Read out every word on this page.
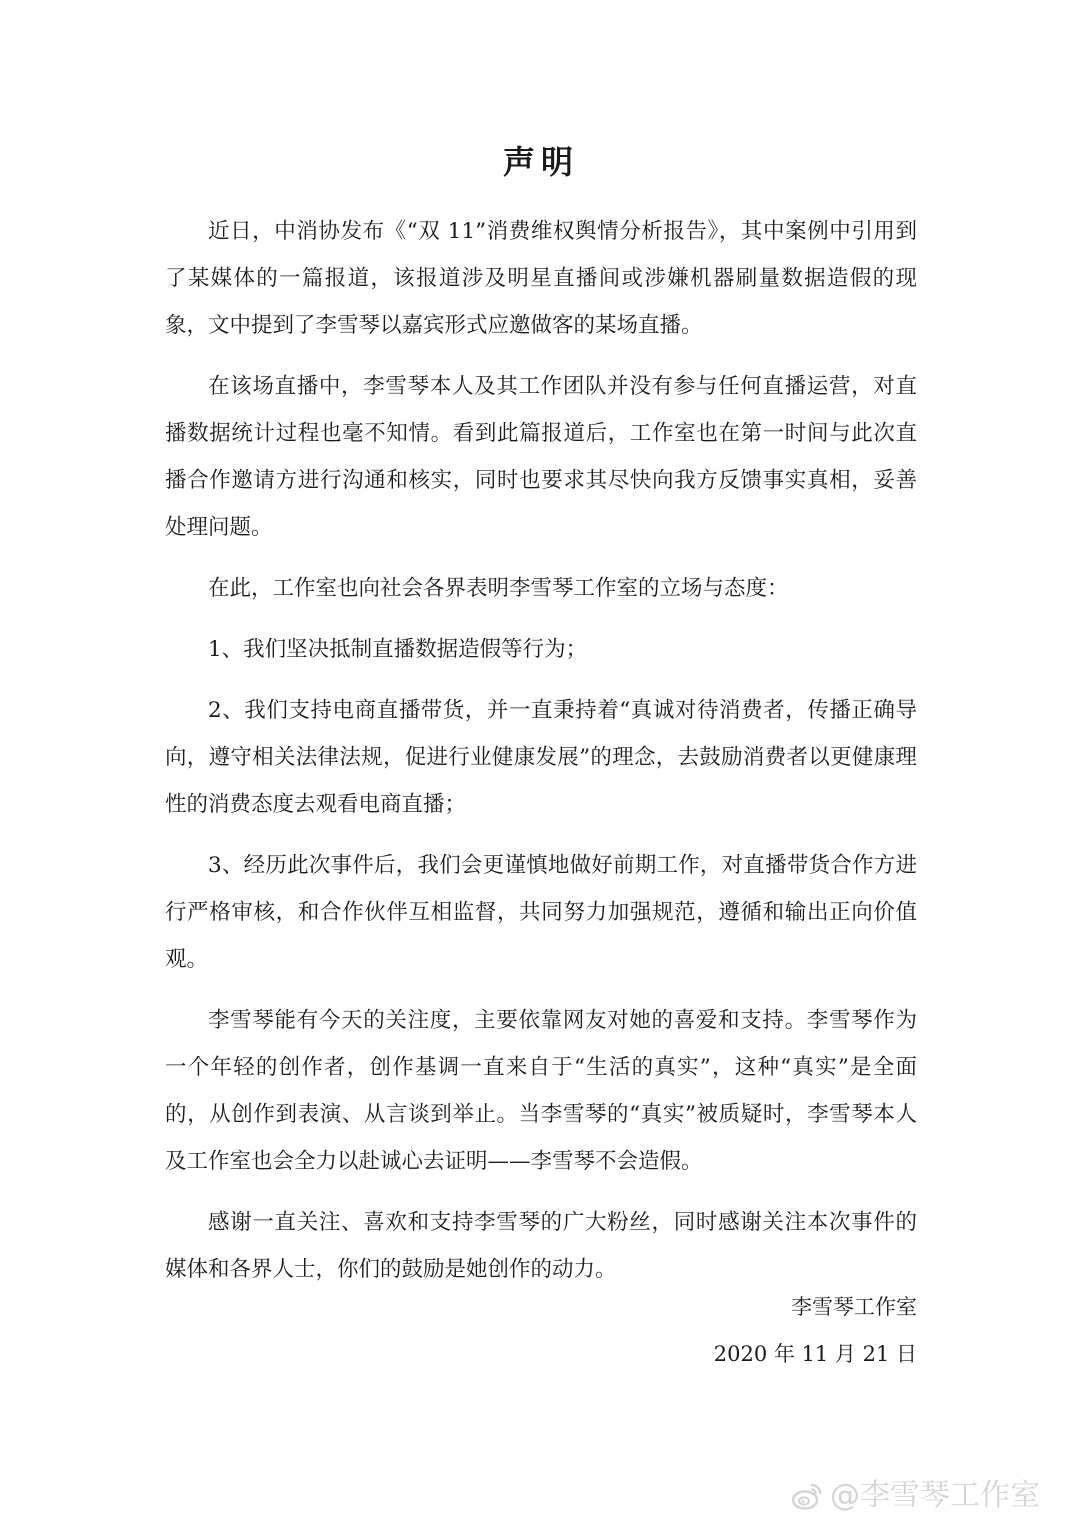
声明

近日，中消协发布《“双 11”消费维权舆情分析报告》，其中案例中引用到了某媒体的一篇报道，该报道涉及明星直播间或涉嫌机器刷量数据造假的现象，文中提到了李雪琴以嘉宾形式应邀做客的某场直播。

在该场直播中，李雪琴本人及其工作团队并没有参与任何直播运营，对直播数据统计过程也毫不知情。看到此篇报道后，工作室也在第一时间与此次直播合作邀请方进行沟通和核实，同时也要求其尽快向我方反馈事实真相，妥善处理问题。

在此，工作室也向社会各界表明李雪琴工作室的立场与态度：

1、我们坚决抵制直播数据造假等行为；

2、我们支持电商直播带货，并一直秉持着“真诚对待消费者，传播正确导向，遵守相关法律法规，促进行业健康发展”的理念，去鼓励消费者以更健康理性的消费态度去观看电商直播；

3、经历此次事件后，我们会更谨慎地做好前期工作，对直播带货合作方进行严格审核，和合作伙伴互相监督，共同努力加强规范，遵循和输出正向价值观。

李雪琴能有今天的关注度，主要依靠网友对她的喜爱和支持。李雪琴作为一个年轻的创作者，创作基调一直来自于“生活的真实”，这种“真实”是全面的，从创作到表演、从言谈到举止。当李雪琴的“真实”被质疑时，李雪琴本人及工作室也会全力以赴诚心去证明——李雪琴不会造假。

感谢一直关注、喜欢和支持李雪琴的广大粉丝，同时感谢关注本次事件的媒体和各界人士，你们的鼓励是她创作的动力。

李雪琴工作室
2020 年 11 月 21 日
@李雪琴工作室
